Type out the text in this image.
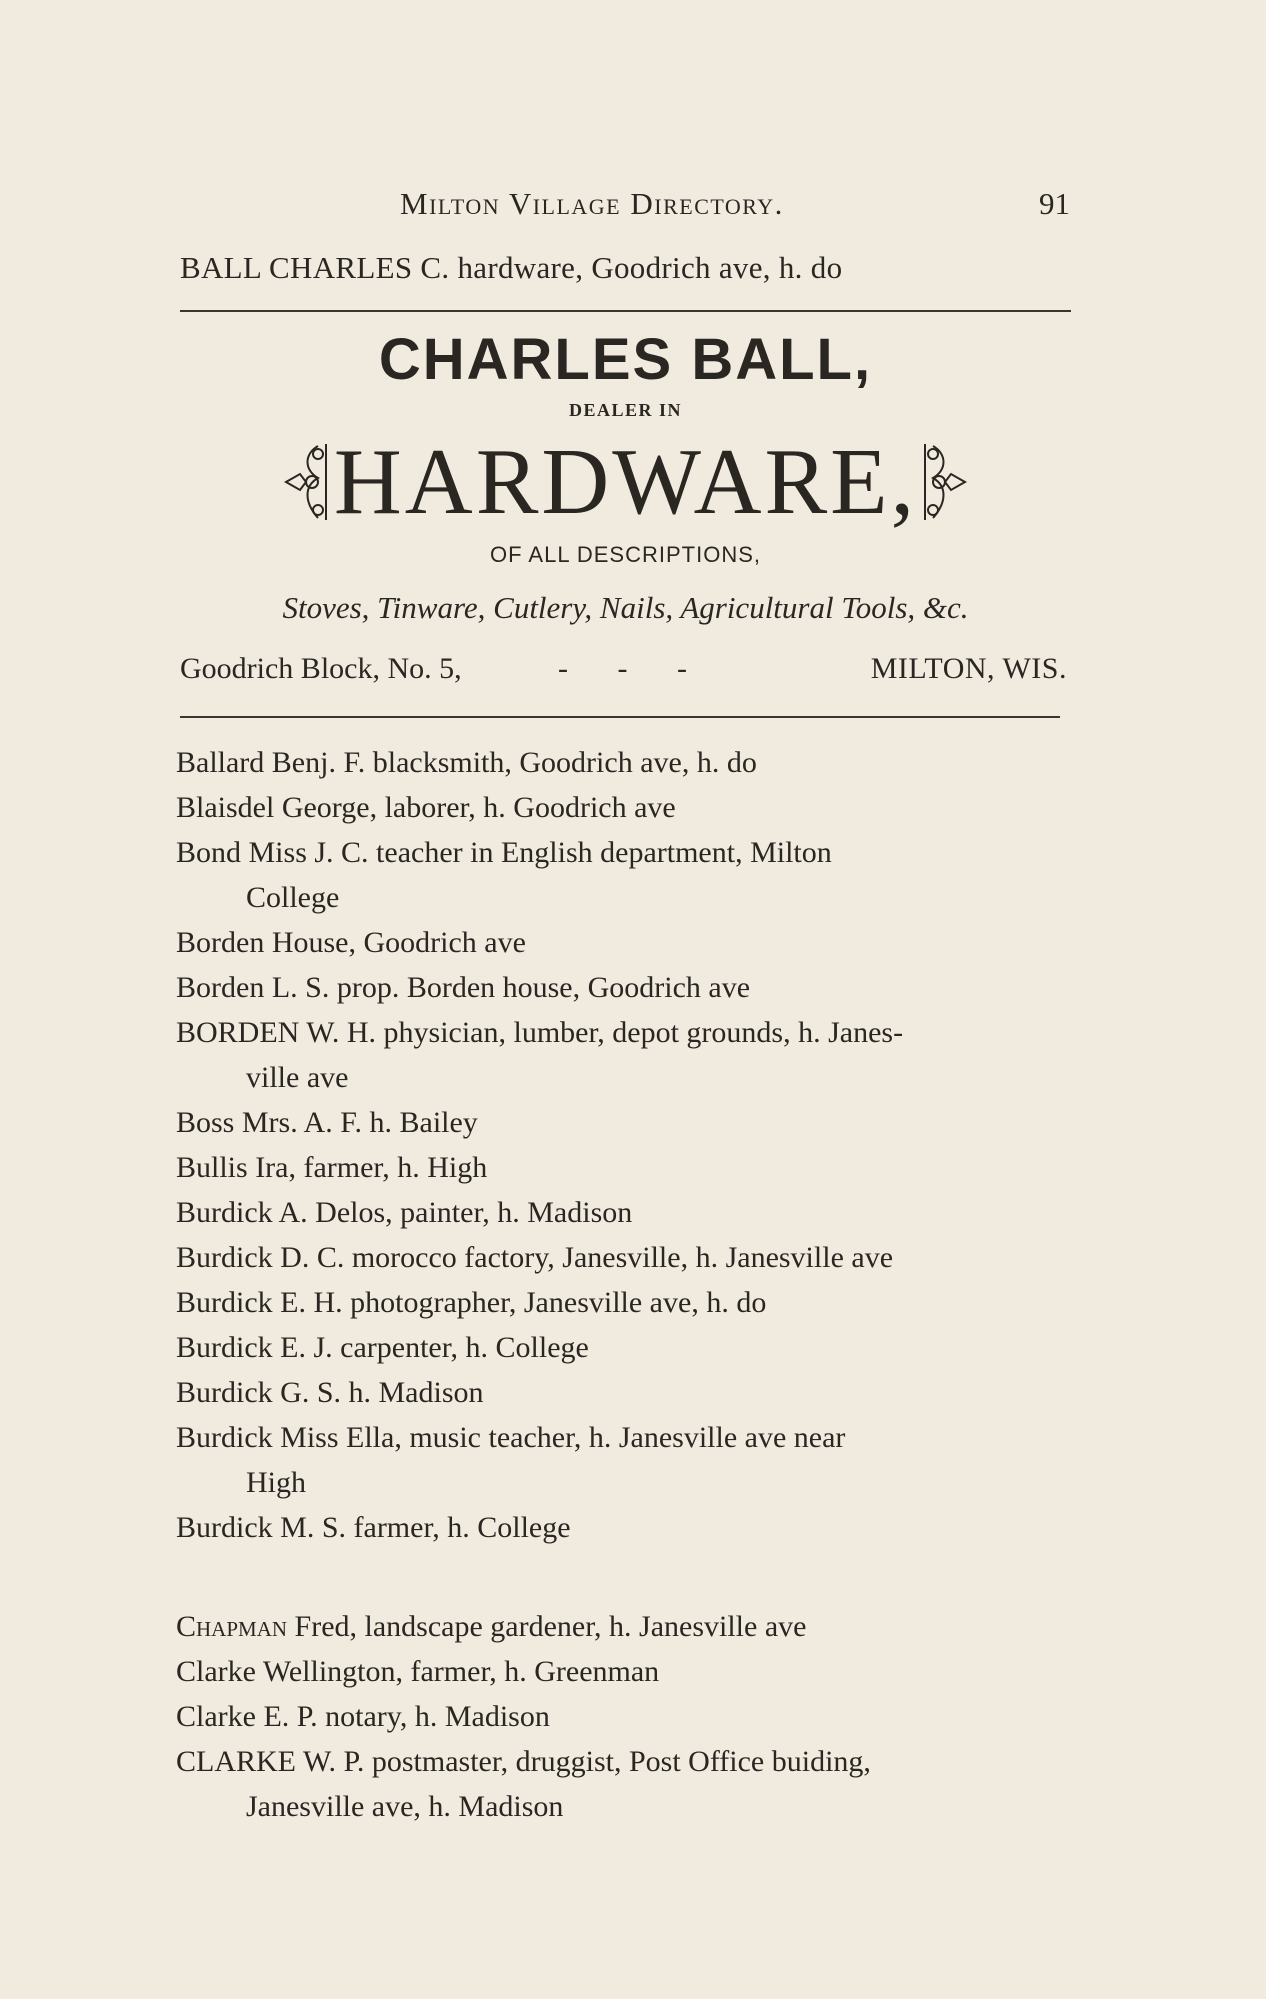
Milton Village Directory.	91
BALL CHARLES C. hardware, Goodrich ave, h. do
CHARLES BALL,
DEALER IN
HARDWARE,
OF ALL DESCRIPTIONS,
Stoves, Tinware, Cutlery, Nails, Agricultural Tools, &c.
Goodrich Block, No. 5,	- - -	MILTON, WIS.
Ballard Benj. F. blacksmith, Goodrich ave, h. do
Blaisdel George, laborer, h. Goodrich ave
Bond Miss J. C. teacher in English department, Milton
College
Borden House, Goodrich ave
Borden L. S. prop. Borden house, Goodrich ave
BORDEN W. H. physician, lumber, depot grounds, h. Janes-
ville ave
Boss Mrs. A. F. h. Bailey
Bullis Ira, farmer, h. High
Burdick A. Delos, painter, h. Madison
Burdick D. C. morocco factory, Janesville, h. Janesville ave
Burdick E. H. photographer, Janesville ave, h. do
Burdick E. J. carpenter, h. College
Burdick G. S. h. Madison
Burdick Miss Ella, music teacher, h. Janesville ave near
High
Burdick M. S. farmer, h. College
Chapman Fred, landscape gardener, h. Janesville ave
Clarke Wellington, farmer, h. Greenman
Clarke E. P. notary, h. Madison
CLARKE W. P. postmaster, druggist, Post Office buiding,
Janesville ave, h. Madison
